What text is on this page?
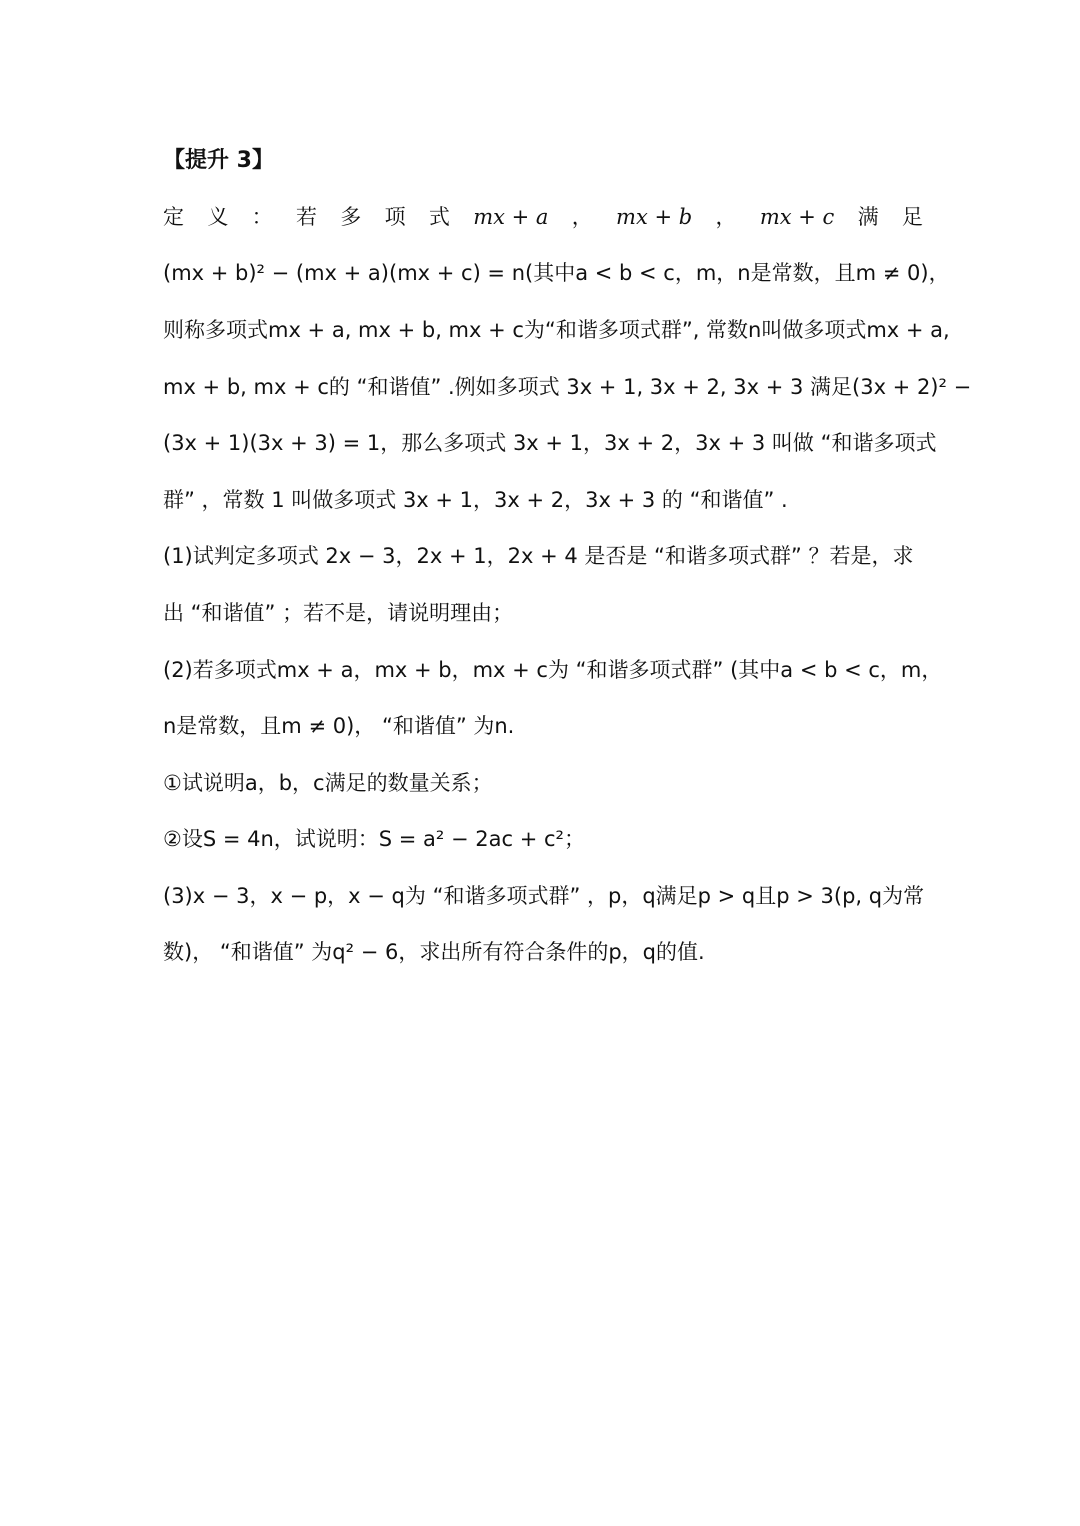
【提升 3】
定 义 ： 若 多 项 式 mx + a ， mx + b ， mx + c 满 足
(mx + b)² − (mx + a)(mx + c) = n(其中a < b < c，m，n是常数，且m ≠ 0)，
则称多项式mx + a, mx + b, mx + c为“和谐多项式群”, 常数n叫做多项式mx + a,
mx + b, mx + c的 “和谐值” .例如多项式 3x + 1, 3x + 2, 3x + 3 满足(3x + 2)² −
(3x + 1)(3x + 3) = 1，那么多项式 3x + 1，3x + 2，3x + 3 叫做 “和谐多项式
群” ，常数 1 叫做多项式 3x + 1，3x + 2，3x + 3 的 “和谐值” .
(1)试判定多项式 2x − 3，2x + 1，2x + 4 是否是 “和谐多项式群” ？若是，求
出 “和谐值” ；若不是，请说明理由；
(2)若多项式mx + a，mx + b，mx + c为 “和谐多项式群” (其中a < b < c，m，
n是常数，且m ≠ 0)， “和谐值” 为n.
①试说明a，b，c满足的数量关系；
②设S = 4n，试说明：S = a² − 2ac + c²；
(3)x − 3，x − p，x − q为 “和谐多项式群” ，p，q满足p > q且p > 3(p, q为常
数)， “和谐值” 为q² − 6，求出所有符合条件的p，q的值.
